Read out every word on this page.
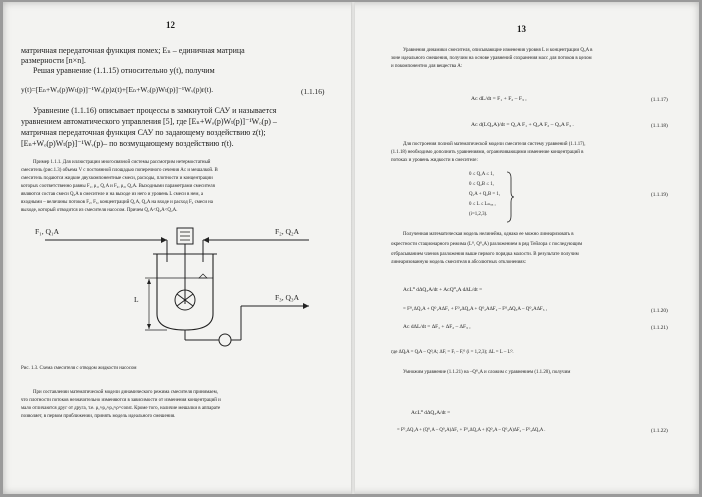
12
матричная передаточная функция помех; Eₙ – единичная матрица
размерности [n×n].
Решая уравнение (1.1.15) относительно y(t), получим
y(t)=[Eₙ+Wₒ(p)Wₜ(p)]⁻¹Wₒ(p)z(t)+[Eₙ+Wₒ(p)Wₜ(p)]⁻¹Wᵥ(p)r(t).	(1.1.16)
Уравнение (1.1.16) описывает процессы в замкнутой САУ и называется
уравнением автоматического управления [5], где [Eₙ+Wₒ(p)Wₜ(p)]⁻¹Wₒ(p) –
матричная передаточная функция САУ по задающему воздействию z(t);
[Eₙ+Wₒ(p)Wₜ(p)]⁻¹Wᵥ(p)– по возмущающему воздействию r(t).
Пример 1.1.1. Для иллюстрации многосвязной системы рассмотрим нетермостатный
смеситель (рис.1.3) объема V с постоянной площадью поперечного сечения Aᴄ и мешалкой. В
смеситель подаются жидкие двухкомпонентные смеси, расходы, плотности и концентрации
которых соответственно равны F₁, ρ₁, Q₁A и F₂, ρ₂, Q₂A. Выходными параметрами смесителя
являются состав смеси Q₃A в смесителе и на выходе из него и уровень L смеси в нем, а
входными – величины потоков F₂, F₃, концентраций Q₁A, Q₂A на входе и расход F₃ смеси на
выходе, который отводится из смесителя насосом. Причем Q₁A<Q₃A<Q₂A.
F₁, Q₁A	F₂, Q₂A
F₃, Q₃A
L
Рис. 1.3. Схема смесителя с отводом жидкости насосом
При составлении математической модели динамического режима смесителя принимаем,
что плотности потоков незначительно изменяются в зависимости от изменения концентраций и
мало отличаются друг от друга, т.е. ρ₁≈ρ₂≈ρ₃≈ρ=const. Кроме того, наличие мешалки в аппарате
позволяет, в первом приближении, принять модель идеального смешения.
13
Уравнения динамики смесителя, описывающие изменения уровня L и концентрации Q₃A в
зоне идеального смешения, получим на основе уравнений сохранения масс для потоков в целом
и покомпонентно для вещества A:
Aᴄ dL/dt = F₁ + F₂ – F₃ ,	(1.1.17)
Aᴄ d(LQ₃A)/dt = Q₁A F₁ + Q₂A F₂ – Q₃A F₃ .	(1.1.18)
Для построения полной математической модели смесителя систему уравнений (1.1.17),
(1.1.18) необходимо дополнить уравнениями, ограничивающими изменение концентраций в
потоках и уровень жидкости в смесителе:
0 ≤ Q₁A ≤ 1,
0 ≤ Q₂B ≤ 1,
Q₁A + Q₂B = 1,
0 ≤ L ≤ Lₘₐₓ ,
(i=1,2,3).
(1.1.19)
Полученная математическая модель нелинейна, однако ее можно линеаризовать в
окрестности стационарного режима (L⁰, Q⁰₃A) разложением в ряд Тейлора с последующим
отбрасыванием членов разложения выше первого порядка малости. В результате получим
линеаризованную модель смесителя в абсолютных отклонениях:
AᴄL⁰ dΔQ₃A/dt + AᴄQ⁰₃A dΔL/dt =
= F⁰₁ΔQ₁A + Q⁰₁AΔF₁ + F⁰₂ΔQ₂A + Q⁰₂AΔF₂ – F⁰₃ΔQ₃A – Q⁰₃AΔF₃ ,	(1.1.20)
Aᴄ dΔL/dt = ΔF₁ + ΔF₂ – ΔF₃ ,	(1.1.21)
где ΔQᵢA = QᵢA – Q⁰ᵢA; ΔFᵢ = Fᵢ – Fᵢ⁰ (i = 1,2,3); ΔL = L – L⁰.
Умножим уравнение (1.1.21) на –Q⁰₃A и сложим с уравнением (1.1.20), получим
AᴄL⁰ dΔQ₃A/dt =
= F⁰₁ΔQ₁A + (Q⁰₁A – Q⁰₃A)ΔF₁ + F⁰₂ΔQ₂A + (Q⁰₂A – Q⁰₃A)ΔF₂ – F⁰₃ΔQ₃A .	(1.1.22)
